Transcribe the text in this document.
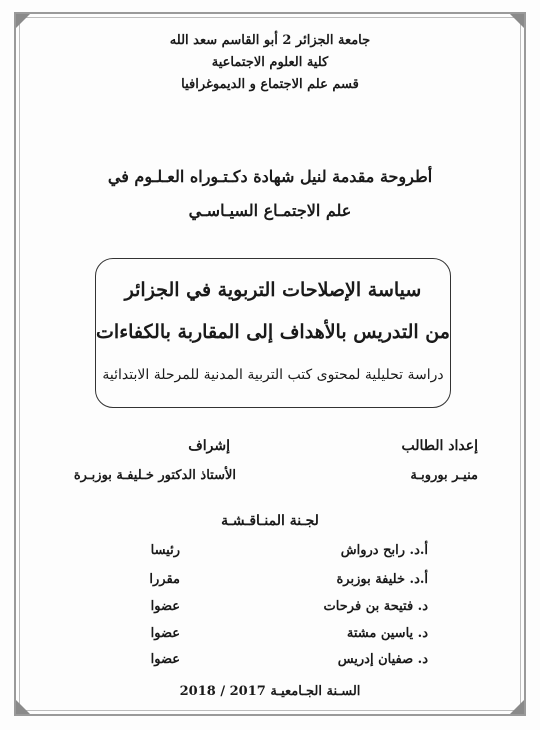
جامعة الجزائر 2 أبو القاسم سعد الله
كلية العلوم الاجتماعية
قسم علم الاجتماع و الديموغرافيا
أطروحة مقدمة لنيل شهادة دكـتـوراه العـلـوم في
علم الاجتمـاع السيـاسـي
سياسة الإصلاحات التربوية في الجزائر
من التدريس بالأهداف إلى المقاربة بالكفاءات
دراسة تحليلية لمحتوى كتب التربية المدنية للمرحلة الابتدائية
إعداد الطالب
منيـر بوروبـة
إشراف
الأستاذ الدكتور خـليفـة بوزبـرة
لجـنة المنـاقـشـة
أ.د. رابح درواش
رئيسا
أ.د. خليفة بوزبرة
مقررا
د. فتيحة بن فرحات
عضوا
د. ياسين مشتة
عضوا
د. صفيان إدريس
عضوا
السـنة الجـامعيـة 2017 / 2018
